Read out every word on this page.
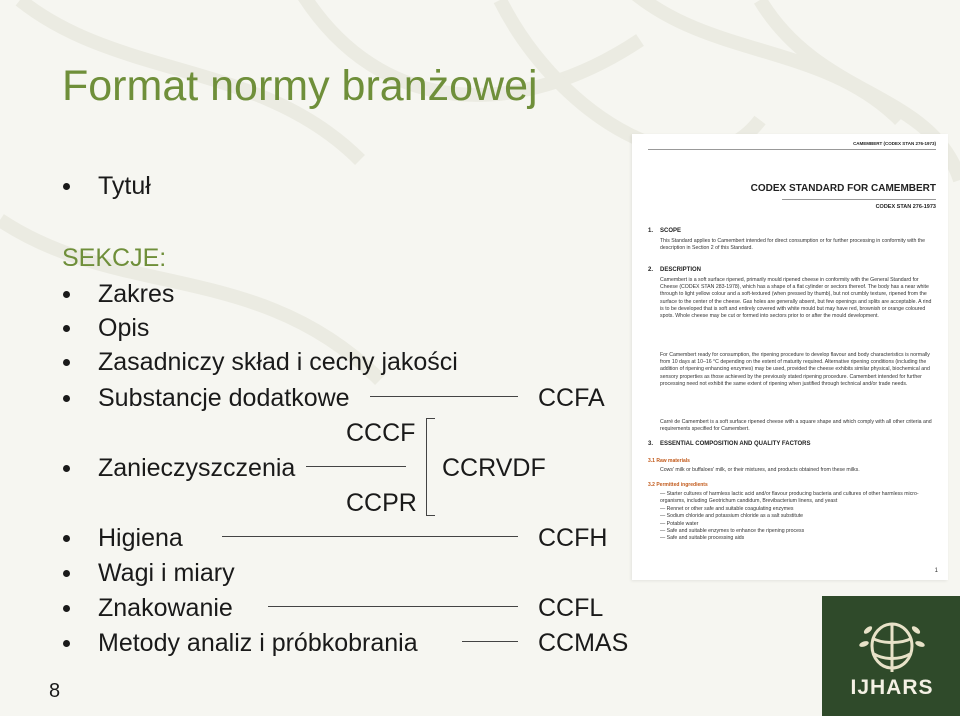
Format normy branżowej
Tytuł
SEKCJE:
Zakres
Opis
Zasadniczy skład i cechy jakości
Substancje dodatkowe	CCFA
CCCF
Zanieczyszczenia	CCRVDF
CCPR
Higiena	CCFH
Wagi i miary
Znakowanie	CCFL
Metody analiz i próbkobrania	CCMAS
8
CAMEMBERT (CODEX STAN 276-1973)
CODEX STANDARD FOR CAMEMBERT
CODEX STAN 276-1973
1. SCOPE
This Standard applies to Camembert intended for direct consumption or for further processing in conformity with the description in Section 2 of this Standard.
2. DESCRIPTION
Camembert is a soft surface ripened, primarily mould ripened cheese in conformity with the General Standard for Cheese (CODEX STAN 283-1978), which has a shape of a flat cylinder or sectors thereof. The body has a near white through to light yellow colour and a soft-textured (when pressed by thumb), but not crumbly texture, ripened from the surface to the center of the cheese. Gas holes are generally absent, but few openings and splits are acceptable. A rind is to be developed that is soft and entirely covered with white mould but may have red, brownish or orange coloured spots. Whole cheese may be cut or formed into sectors prior to or after the mould development.
For Camembert ready for consumption, the ripening procedure to develop flavour and body characteristics is normally from 10 days at 10–16 °C depending on the extent of maturity required. Alternative ripening conditions (including the addition of ripening enhancing enzymes) may be used, provided the cheese exhibits similar physical, biochemical and sensory properties as those achieved by the previously stated ripening procedure. Camembert intended for further processing need not exhibit the same extent of ripening when justified through technical and/or trade needs.
Carré de Camembert is a soft surface ripened cheese with a square shape and which comply with all other criteria and requirements specified for Camembert.
3. ESSENTIAL COMPOSITION AND QUALITY FACTORS
3.1 Raw materials
Cows' milk or buffaloes' milk, or their mixtures, and products obtained from these milks.
3.2 Permitted ingredients
— Starter cultures of harmless lactic acid and/or flavour producing bacteria and cultures of other harmless micro-organisms, including Geotrichum candidum, Brevibacterium linens, and yeast
— Rennet or other safe and suitable coagulating enzymes
— Sodium chloride and potassium chloride as a salt substitute
— Potable water
— Safe and suitable enzymes to enhance the ripening process
— Safe and suitable processing aids
1
IJHARS
